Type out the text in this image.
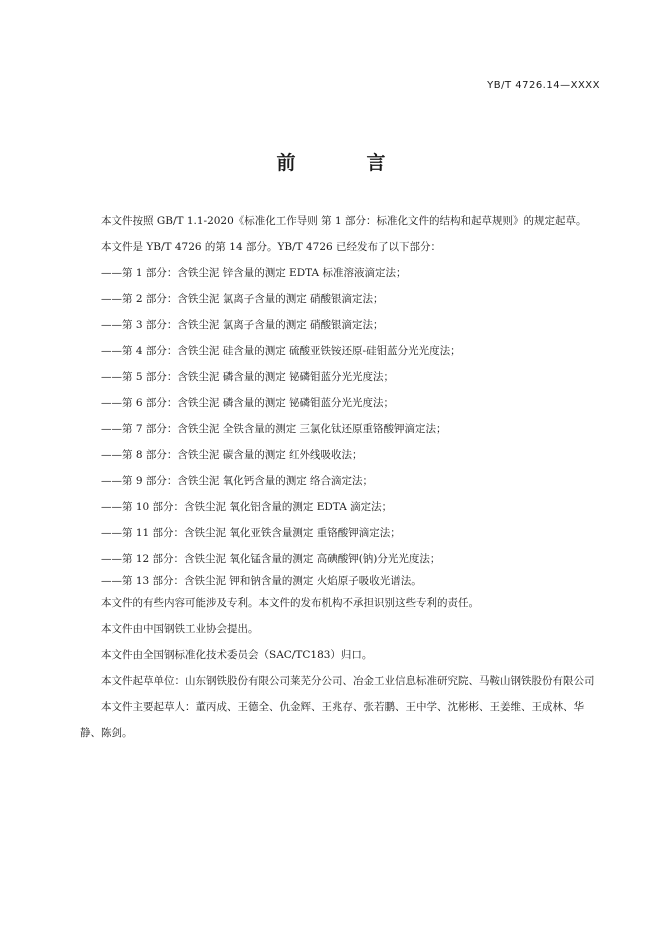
YB/T 4726.14—XXXX
前　言

本文件按照 GB/T 1.1-2020《标准化工作导则 第 1 部分：标准化文件的结构和起草规则》的规定起草。

本文件是 YB/T 4726 的第 14 部分。YB/T 4726 已经发布了以下部分：

——第 1 部分：含铁尘泥 锌含量的测定 EDTA 标准溶液滴定法；

——第 2 部分：含铁尘泥 氯离子含量的测定 硝酸银滴定法；

——第 3 部分：含铁尘泥 氯离子含量的测定 硝酸银滴定法；

——第 4 部分：含铁尘泥 硅含量的测定 硫酸亚铁铵还原-硅钼蓝分光光度法；

——第 5 部分：含铁尘泥 磷含量的测定 铋磷钼蓝分光光度法；

——第 6 部分：含铁尘泥 磷含量的测定 铋磷钼蓝分光光度法；

——第 7 部分：含铁尘泥 全铁含量的测定 三氯化钛还原重铬酸钾滴定法；

——第 8 部分：含铁尘泥 碳含量的测定 红外线吸收法；

——第 9 部分：含铁尘泥 氧化钙含量的测定 络合滴定法；

——第 10 部分：含铁尘泥 氧化铝含量的测定 EDTA 滴定法；

——第 11 部分：含铁尘泥 氧化亚铁含量测定 重铬酸钾滴定法；

——第 12 部分：含铁尘泥 氧化锰含量的测定 高碘酸钾(钠)分光光度法；

——第 13 部分：含铁尘泥 钾和钠含量的测定 火焰原子吸收光谱法。

本文件的有些内容可能涉及专利。本文件的发布机构不承担识别这些专利的责任。

本文件由中国钢铁工业协会提出。

本文件由全国钢标准化技术委员会（SAC/TC183）归口。

本文件起草单位：山东钢铁股份有限公司莱芜分公司、冶金工业信息标准研究院、马鞍山钢铁股份有限公司

本文件主要起草人：董丙成、王德全、仇金辉、王兆存、张若鹏、王中学、沈彬彬、王姜维、王成林、华静、陈剑。
